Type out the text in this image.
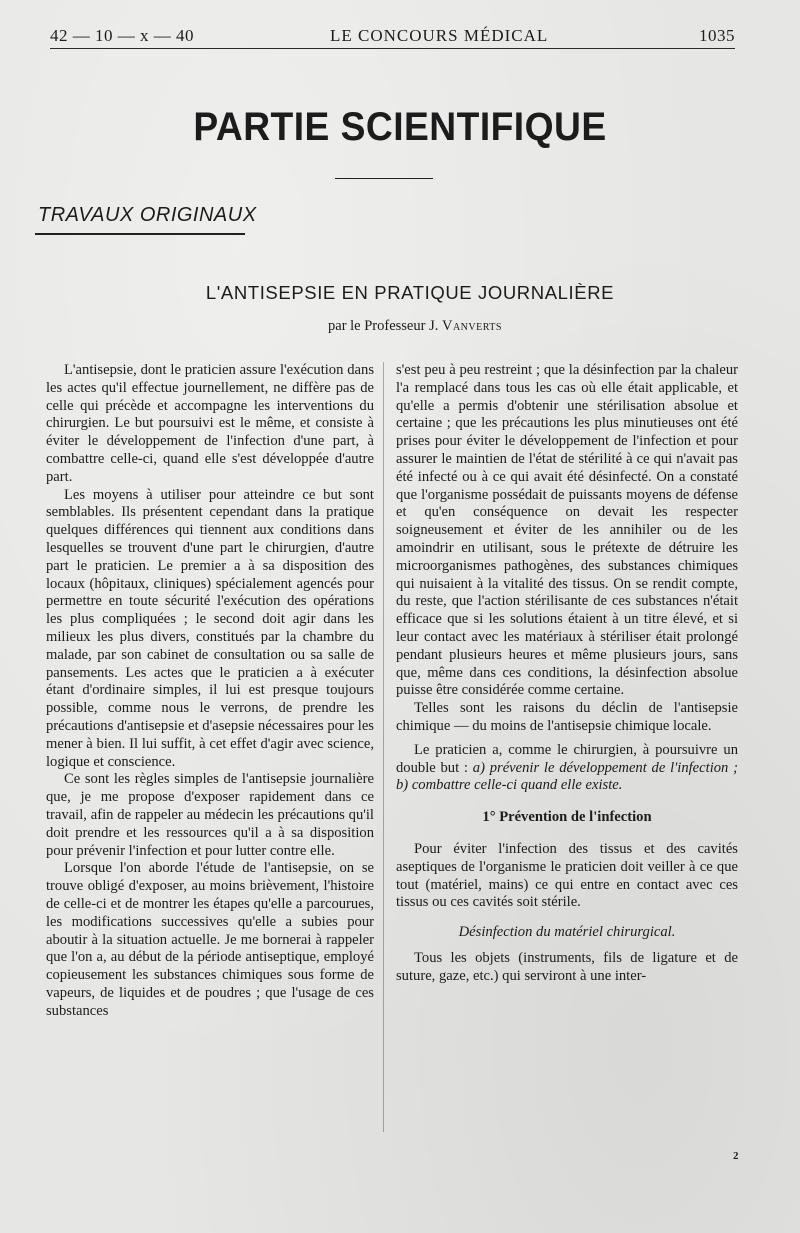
42 — 10 — x — 40	LE CONCOURS MÉDICAL	1035
PARTIE SCIENTIFIQUE
TRAVAUX ORIGINAUX
L'ANTISEPSIE EN PRATIQUE JOURNALIÈRE
par le Professeur J. Vanverts

L'antisepsie, dont le praticien assure l'exécution dans les actes qu'il effectue journellement, ne diffère pas de celle qui précède et accompagne les interventions du chirurgien. Le but poursuivi est le même, et consiste à éviter le développement de l'infection d'une part, à combattre celle-ci, quand elle s'est développée d'autre part.

Les moyens à utiliser pour atteindre ce but sont semblables. Ils présentent cependant dans la pratique quelques différences qui tiennent aux conditions dans lesquelles se trouvent d'une part le chirurgien, d'autre part le praticien. Le premier a à sa disposition des locaux (hôpitaux, cliniques) spécialement agencés pour permettre en toute sécurité l'exécution des opérations les plus compliquées ; le second doit agir dans les milieux les plus divers, constitués par la chambre du malade, par son cabinet de consultation ou sa salle de pansements. Les actes que le praticien a à exécuter étant d'ordinaire simples, il lui est presque toujours possible, comme nous le verrons, de prendre les précautions d'antisepsie et d'asepsie nécessaires pour les mener à bien. Il lui suffit, à cet effet d'agir avec science, logique et conscience.

Ce sont les règles simples de l'antisepsie journalière que, je me propose d'exposer rapidement dans ce travail, afin de rappeler au médecin les précautions qu'il doit prendre et les ressources qu'il a à sa disposition pour prévenir l'infection et pour lutter contre elle.

Lorsque l'on aborde l'étude de l'antisepsie, on se trouve obligé d'exposer, au moins brièvement, l'histoire de celle-ci et de montrer les étapes qu'elle a parcourues, les modifications successives qu'elle a subies pour aboutir à la situation actuelle. Je me bornerai à rappeler que l'on a, au début de la période antiseptique, employé copieusement les substances chimiques sous forme de vapeurs, de liquides et de poudres ; que l'usage de ces substances

s'est peu à peu restreint ; que la désinfection par la chaleur l'a remplacé dans tous les cas où elle était applicable, et qu'elle a permis d'obtenir une stérilisation absolue et certaine ; que les précautions les plus minutieuses ont été prises pour éviter le développement de l'infection et pour assurer le maintien de l'état de stérilité à ce qui n'avait pas été infecté ou à ce qui avait été désinfecté. On a constaté que l'organisme possédait de puissants moyens de défense et qu'en conséquence on devait les respecter soigneusement et éviter de les annihiler ou de les amoindrir en utilisant, sous le prétexte de détruire les microorganismes pathogènes, des substances chimiques qui nuisaient à la vitalité des tissus. On se rendit compte, du reste, que l'action stérilisante de ces substances n'était efficace que si les solutions étaient à un titre élevé, et si leur contact avec les matériaux à stériliser était prolongé pendant plusieurs heures et même plusieurs jours, sans que, même dans ces conditions, la désinfection absolue puisse être considérée comme certaine.

Telles sont les raisons du déclin de l'antisepsie chimique — du moins de l'antisepsie chimique locale.

Le praticien a, comme le chirurgien, à poursuivre un double but : a) prévenir le développement de l'infection ; b) combattre celle-ci quand elle existe.

1° Prévention de l'infection

Pour éviter l'infection des tissus et des cavités aseptiques de l'organisme le praticien doit veiller à ce que tout (matériel, mains) ce qui entre en contact avec ces tissus ou ces cavités soit stérile.

Désinfection du matériel chirurgical.

Tous les objets (instruments, fils de ligature et de suture, gaze, etc.) qui serviront à une inter-

2
